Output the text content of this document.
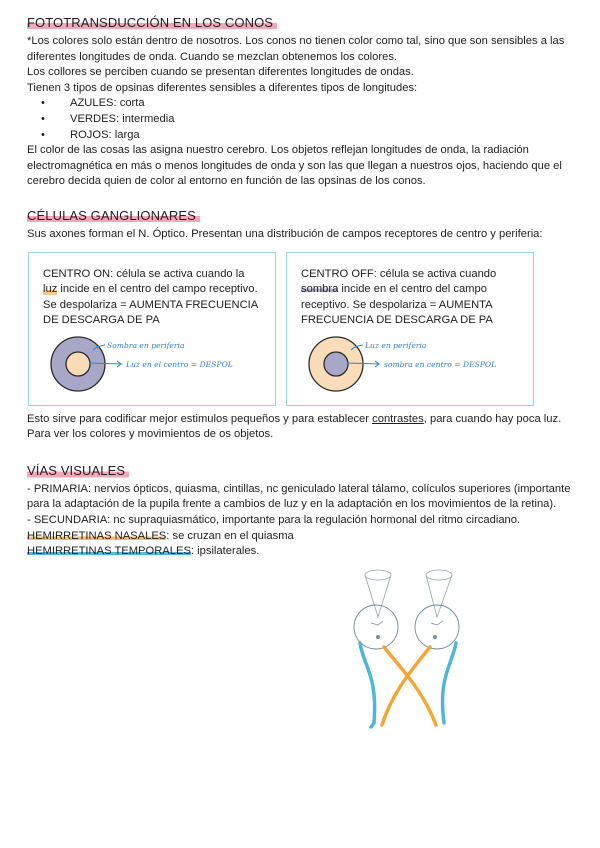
FOTOTRANSDUCCIÓN EN LOS CONOS

*Los colores solo están dentro de nosotros. Los conos no tienen color como tal, sino que son sensibles a las diferentes longitudes de onda. Cuando se mezclan obtenemos los colores.

Los collores se perciben cuando se presentan diferentes longitudes de ondas.

Tienen 3 tipos de opsinas diferentes sensibles a diferentes tipos de longitudes:

• AZULES: corta
• VERDES: intermedia
• ROJOS: larga

El color de las cosas las asigna nuestro cerebro. Los objetos reflejan longitudes de onda, la radiación electromagnética en más o menos longitudes de onda y son las que llegan a nuestros ojos, haciendo que el cerebro decida quien de color al entorno en función de las opsinas de los conos.

CÉLULAS GANGLIONARES

Sus axones forman el N. Óptico. Presentan una distribución de campos receptores de centro y periferia:

CENTRO ON: célula se activa cuando la luz incide en el centro del campo receptivo. Se despolariza = AUMENTA FRECUENCIA DE DESCARGA DE PA

Sombra en periferia
Luz en el centro = DESPOL

CENTRO OFF: célula se activa cuando sombra incide en el centro del campo receptivo. Se despolariza = AUMENTA FRECUENCIA DE DESCARGA DE PA

Luz en periferia
sombra en centro = DESPOL

Esto sirve para codificar mejor estimulos pequeños y para establecer contrastes, para cuando hay poca luz. Para ver los colores y movimientos de os objetos.

VÍAS VISUALES

- PRIMARIA: nervios ópticos, quiasma, cintillas, nc geniculado lateral tálamo, colículos superiores (importante para la adaptación de la pupila frente a cambios de luz y en la adaptación en los movimientos de la retina).

- SECUNDARIA: nc supraquiasmático, importante para la regulación hormonal del ritmo circadiano.

HEMIRRETINAS NASALES: se cruzan en el quiasma

HEMIRRETINAS TEMPORALES: ipsilaterales.
